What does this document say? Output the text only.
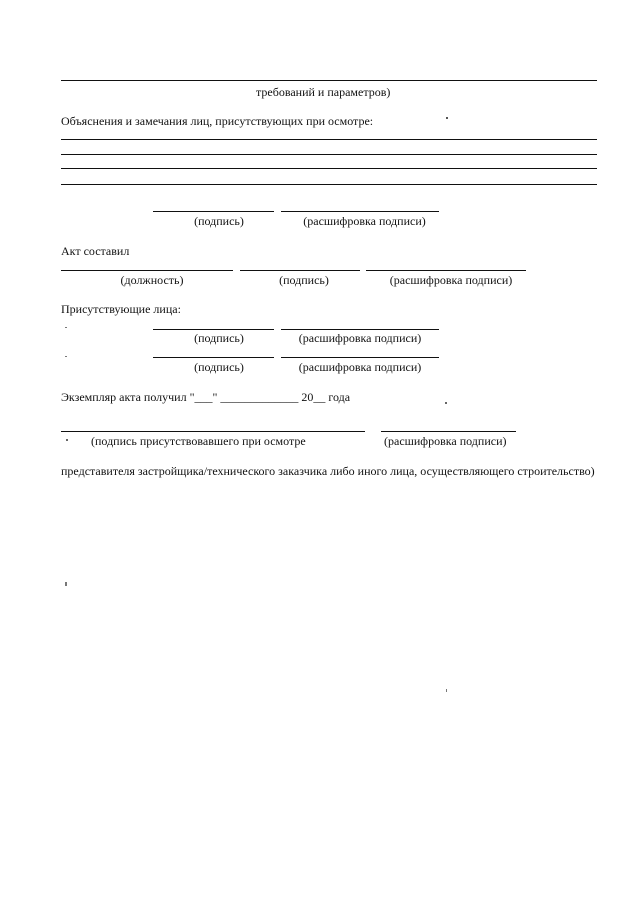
требований и параметров)
Объяснения и замечания лиц, присутствующих при осмотре:
(подпись)	(расшифровка подписи)
Акт составил
(должность)	(подпись)	(расшифровка подписи)
Присутствующие лица:
(подпись)	(расшифровка подписи)
(подпись)	(расшифровка подписи)
Экземпляр акта получил "___" _____________ 20__ года
(подпись присутствовавшего при осмотре	(расшифровка подписи)
представителя застройщика/технического заказчика либо иного лица, осуществляющего строительство)
